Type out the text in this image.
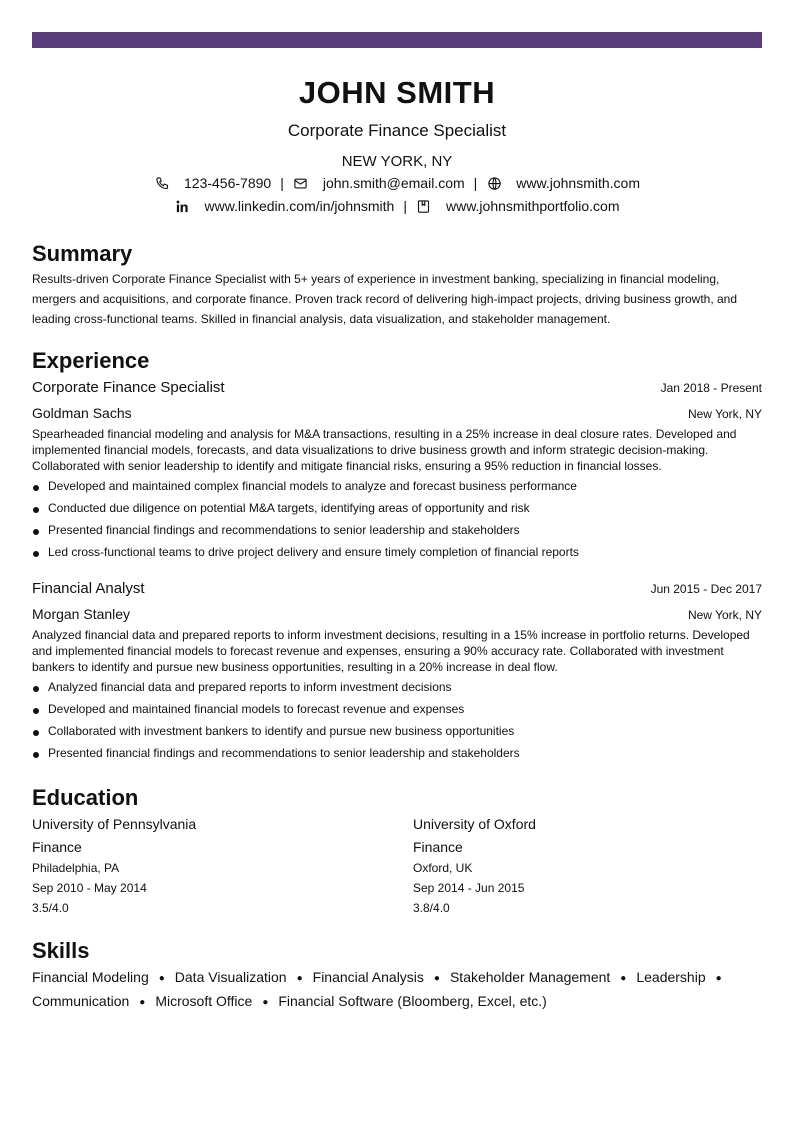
JOHN SMITH
Corporate Finance Specialist
NEW YORK, NY
123-456-7890 |	john.smith@email.com |	www.johnsmith.com
www.linkedin.com/in/johnsmith |	www.johnsmithportfolio.com
Summary
Results-driven Corporate Finance Specialist with 5+ years of experience in investment banking, specializing in financial modeling, mergers and acquisitions, and corporate finance. Proven track record of delivering high-impact projects, driving business growth, and leading cross-functional teams. Skilled in financial analysis, data visualization, and stakeholder management.
Experience
Corporate Finance Specialist	Jan 2018 - Present
Goldman Sachs	New York, NY
Spearheaded financial modeling and analysis for M&A transactions, resulting in a 25% increase in deal closure rates. Developed and implemented financial models, forecasts, and data visualizations to drive business growth and inform strategic decision-making. Collaborated with senior leadership to identify and mitigate financial risks, ensuring a 95% reduction in financial losses.
Developed and maintained complex financial models to analyze and forecast business performance
Conducted due diligence on potential M&A targets, identifying areas of opportunity and risk
Presented financial findings and recommendations to senior leadership and stakeholders
Led cross-functional teams to drive project delivery and ensure timely completion of financial reports
Financial Analyst	Jun 2015 - Dec 2017
Morgan Stanley	New York, NY
Analyzed financial data and prepared reports to inform investment decisions, resulting in a 15% increase in portfolio returns. Developed and implemented financial models to forecast revenue and expenses, ensuring a 90% accuracy rate. Collaborated with investment bankers to identify and pursue new business opportunities, resulting in a 20% increase in deal flow.
Analyzed financial data and prepared reports to inform investment decisions
Developed and maintained financial models to forecast revenue and expenses
Collaborated with investment bankers to identify and pursue new business opportunities
Presented financial findings and recommendations to senior leadership and stakeholders
Education
University of Pennsylvania
Finance
Philadelphia, PA
Sep 2010 - May 2014
3.5/4.0
University of Oxford
Finance
Oxford, UK
Sep 2014 - Jun 2015
3.8/4.0
Skills
Financial Modeling ● Data Visualization ● Financial Analysis ● Stakeholder Management ● Leadership ●
Communication ● Microsoft Office ● Financial Software (Bloomberg, Excel, etc.)
